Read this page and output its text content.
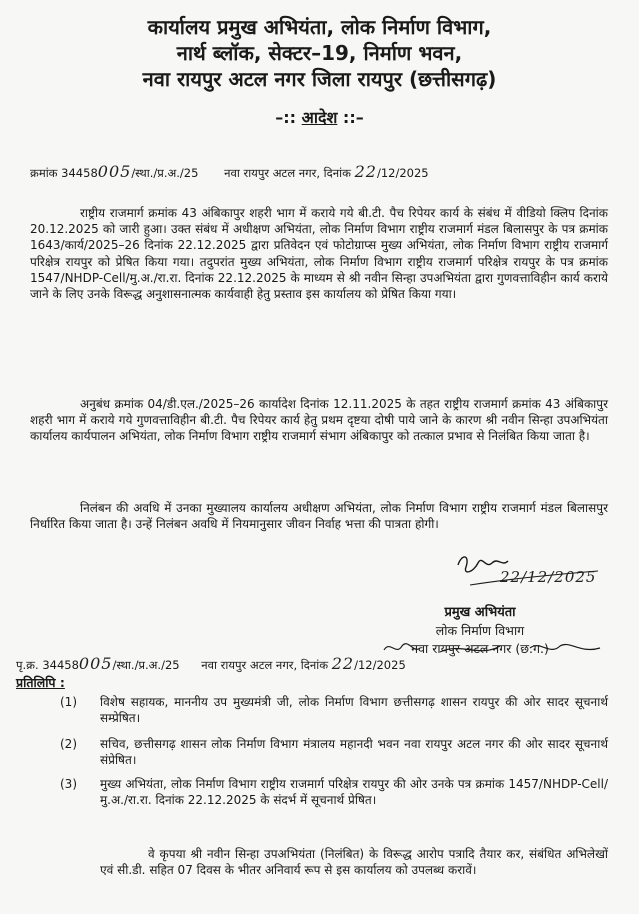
कार्यालय प्रमुख अभियंता, लोक निर्माण विभाग,
नार्थ ब्लॉक, सेक्टर–19, निर्माण भवन,
नवा रायपुर अटल नगर जिला रायपुर (छत्तीसगढ़)
–:: आदेश ::–
क्रमांक 34458005/स्था./प्र.अ./25 नवा रायपुर अटल नगर, दिनांक 22/12/2025

राष्ट्रीय राजमार्ग क्रमांक 43 अंबिकापुर शहरी भाग में कराये गये बी.टी. पैच रिपेयर कार्य के संबंध में वीडियो क्लिप दिनांक 20.12.2025 को जारी हुआ। उक्त संबंध में अधीक्षण अभियंता, लोक निर्माण विभाग राष्ट्रीय राजमार्ग मंडल बिलासपुर के पत्र क्रमांक 1643/कार्य/2025–26 दिनांक 22.12.2025 द्वारा प्रतिवेदन एवं फोटोग्राप्स मुख्य अभियंता, लोक निर्माण विभाग राष्ट्रीय राजमार्ग परिक्षेत्र रायपुर को प्रेषित किया गया। तदुपरांत मुख्य अभियंता, लोक निर्माण विभाग राष्ट्रीय राजमार्ग परिक्षेत्र रायपुर के पत्र क्रमांक 1547/NHDP-Cell/मु.अ./रा.रा. दिनांक 22.12.2025 के माध्यम से श्री नवीन सिन्हा उपअभियंता द्वारा गुणवत्ताविहीन कार्य कराये जाने के लिए उनके विरूद्ध अनुशासनात्मक कार्यवाही हेतु प्रस्ताव इस कार्यालय को प्रेषित किया गया।

अनुबंध क्रमांक 04/डी.एल./2025–26 कार्यादेश दिनांक 12.11.2025 के तहत राष्ट्रीय राजमार्ग क्रमांक 43 अंबिकापुर शहरी भाग में कराये गये गुणवत्ताविहीन बी.टी. पैच रिपेयर कार्य हेतु प्रथम दृष्टया दोषी पाये जाने के कारण श्री नवीन सिन्हा उपअभियंता कार्यालय कार्यपालन अभियंता, लोक निर्माण विभाग राष्ट्रीय राजमार्ग संभाग अंबिकापुर को तत्काल प्रभाव से निलंबित किया जाता है।

निलंबन की अवधि में उनका मुख्यालय कार्यालय अधीक्षण अभियंता, लोक निर्माण विभाग राष्ट्रीय राजमार्ग मंडल बिलासपुर निर्धारित किया जाता है। उन्हें निलंबन अवधि में नियमानुसार जीवन निर्वाह भत्ता की पात्रता होगी।

22/12/2025
प्रमुख अभियंता
लोक निर्माण विभाग
नवा रायपुर अटल नगर (छ.ग.)
पृ.क्र. 34458005/स्था./प्र.अ./25 नवा रायपुर अटल नगर, दिनांक 22/12/2025
प्रतिलिपि :
(1)	विशेष सहायक, माननीय उप मुख्यमंत्री जी, लोक निर्माण विभाग छत्तीसगढ़ शासन रायपुर की ओर सादर सूचनार्थ सम्प्रेषित।
(2)	सचिव, छत्तीसगढ़ शासन लोक निर्माण विभाग मंत्रालय महानदी भवन नवा रायपुर अटल नगर की ओर सादर सूचनार्थ संप्रेषित।
(3)	मुख्य अभियंता, लोक निर्माण विभाग राष्ट्रीय राजमार्ग परिक्षेत्र रायपुर की ओर उनके पत्र क्रमांक 1457/NHDP-Cell/मु.अ./रा.रा. दिनांक 22.12.2025 के संदर्भ में सूचनार्थ प्रेषित।

वे कृपया श्री नवीन सिन्हा उपअभियंता (निलंबित) के विरूद्ध आरोप पत्रादि तैयार कर, संबंधित अभिलेखों एवं सी.डी. सहित 07 दिवस के भीतर अनिवार्य रूप से इस कार्यालय को उपलब्ध करावें।
